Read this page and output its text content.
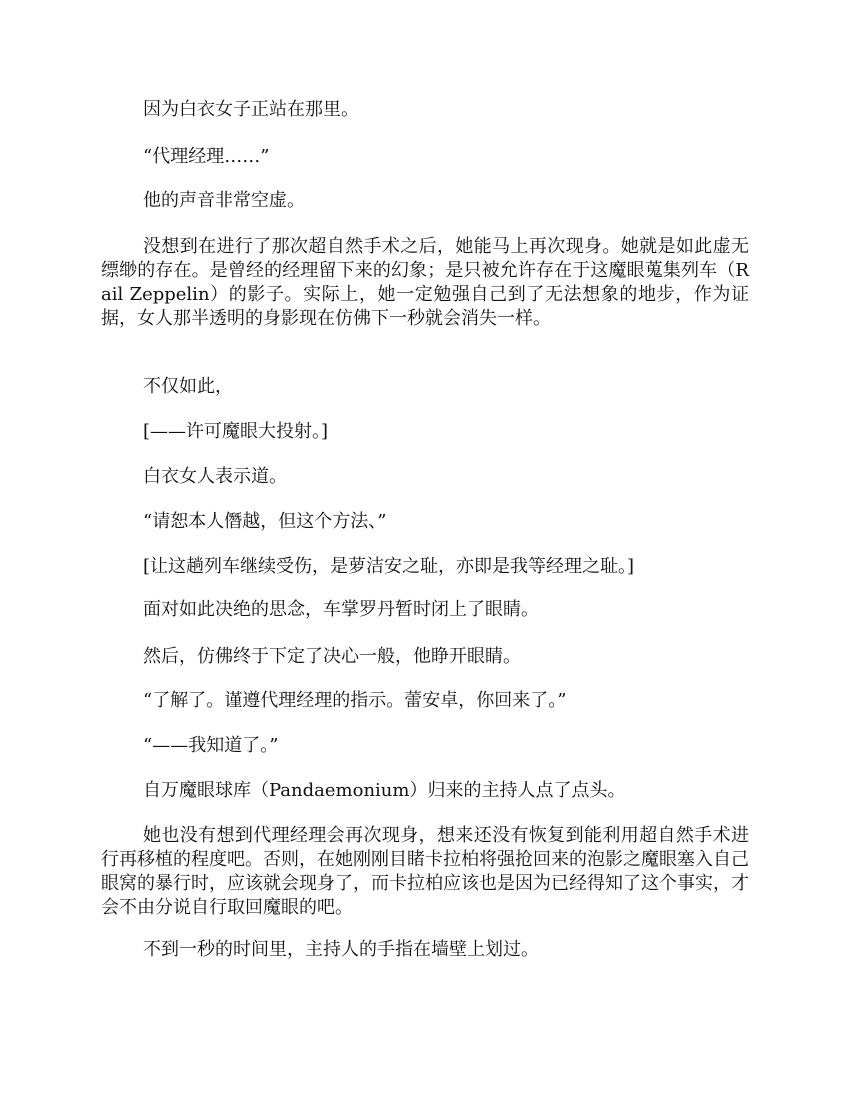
因为白衣女子正站在那里。

“代理经理……”

他的声音非常空虚。

没想到在进行了那次超自然手术之后，她能马上再次现身。她就是如此虚无缥缈的存在。是曾经的经理留下来的幻象；是只被允许存在于这魔眼蒐集列车（Rail Zeppelin）的影子。实际上，她一定勉强自己到了无法想象的地步，作为证据，女人那半透明的身影现在仿佛下一秒就会消失一样。

不仅如此，

[——许可魔眼大投射。]

白衣女人表示道。

“请恕本人僭越，但这个方法、”

[让这趟列车继续受伤，是萝洁安之耻，亦即是我等经理之耻。]

面对如此决绝的思念，车掌罗丹暂时闭上了眼睛。

然后，仿佛终于下定了决心一般，他睁开眼睛。

“了解了。谨遵代理经理的指示。蕾安卓，你回来了。”

“——我知道了。”

自万魔眼球库（Pandaemonium）归来的主持人点了点头。

她也没有想到代理经理会再次现身，想来还没有恢复到能利用超自然手术进行再移植的程度吧。否则，在她刚刚目睹卡拉柏将强抢回来的泡影之魔眼塞入自己眼窝的暴行时，应该就会现身了，而卡拉柏应该也是因为已经得知了这个事实，才会不由分说自行取回魔眼的吧。

不到一秒的时间里，主持人的手指在墙壁上划过。
